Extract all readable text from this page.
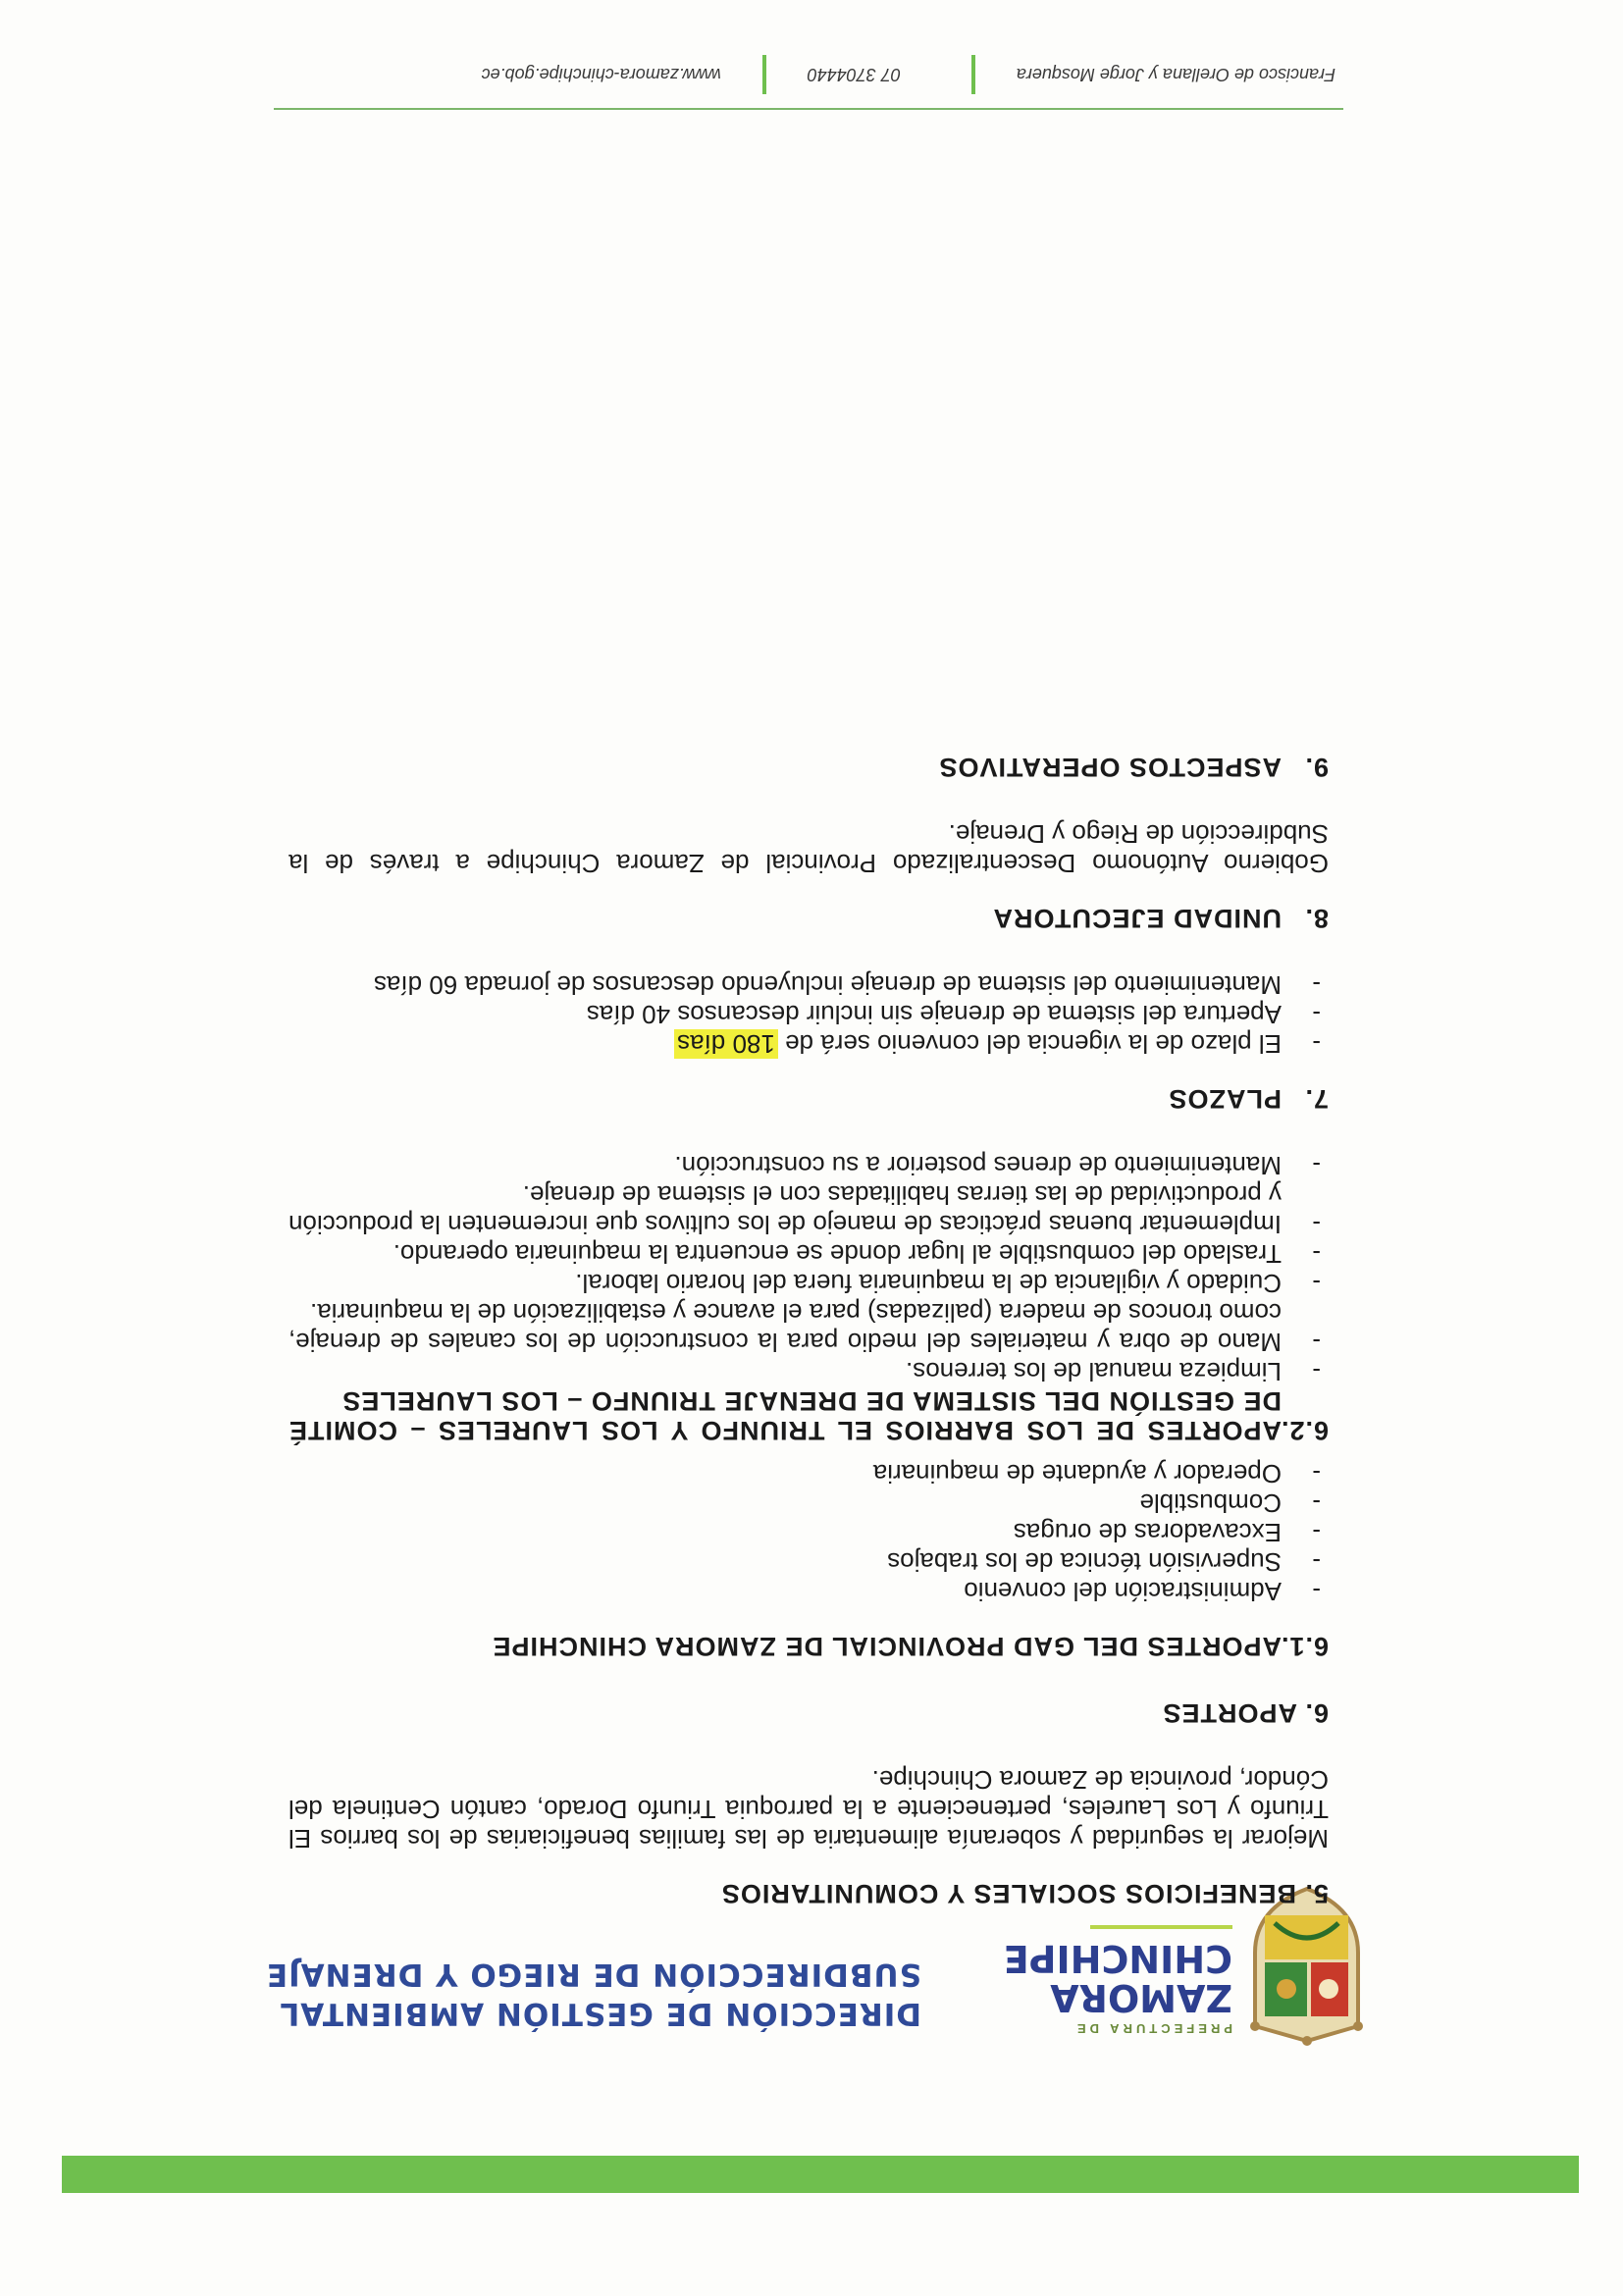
PREFECTURA DE
ZAMORA
CHINCHIPE
DIRECCIÓN DE GESTIÓN AMBIENTAL
SUBDIRECCIÓN DE RIEGO Y DRENAJE

5. BENEFICIOS SOCIALES Y COMUNITARIOS

Mejorar la seguridad y soberanía alimentaria de las familias beneficiarias de los barrios El Triunfo y Los Laureles, perteneciente a la parroquia Triunfo Dorado, cantón Centinela del Cóndor, provincia de Zamora Chinchipe.

6. APORTES

6.1.APORTES DEL GAD PROVINCIAL DE ZAMORA CHINCHIPE

- Administración del convenio
- Supervisión técnica de los trabajos
- Excavadoras de orugas
- Combustible
- Operador y ayudante de maquinaria

6.2.
APORTES DE LOS BARRIOS EL TRIUNFO Y LOS LAURELES – COMITÉ DE GESTIÓN DEL SISTEMA DE DRENAJE TRIUNFO – LOS LAURELES

- Limpieza manual de los terrenos.
- Mano de obra y materiales del medio para la construcción de los canales de drenaje, como troncos de madera (palizadas) para el avance y estabilización de la maquinaria.
- Cuidado y vigilancia de la maquinaria fuera del horario laboral.
- Traslado del combustible al lugar donde se encuentra la maquinaria operando.
- Implementar buenas prácticas de manejo de los cultivos que incrementen la producción y productividad de las tierras habilitadas con el sistema de drenaje.
- Mantenimiento de drenes posterior a su construcción.

7.PLAZOS

- El plazo de la vigencia del convenio será de 180 días
- Apertura del sistema de drenaje sin incluir descansos 40 días
- Mantenimiento del sistema de drenaje incluyendo descansos de jornada 60 días

8.UNIDAD EJECUTORA

Gobierno Autónomo Descentralizado Provincial de Zamora Chinchipe a través de la Subdirección de Riego y Drenaje.

9.ASPECTOS OPERATIVOS

Francisco de Orellana y Jorge Mosquera
07 3704440
www.zamora-chinchipe.gob.ec
